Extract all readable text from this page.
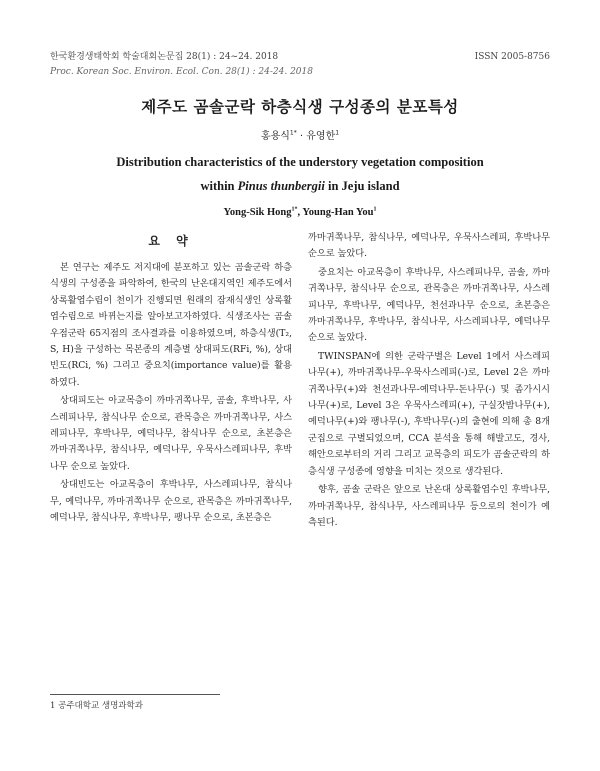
한국환경생태학회 학술대회논문집 28(1) : 24~24. 2018	ISSN 2005-8756
Proc. Korean Soc. Environ. Ecol. Con. 28(1) : 24-24. 2018
제주도 곰솔군락 하층식생 구성종의 분포특성
홍용식$^{1*}$ · 유영한$^1$
Distribution characteristics of the understory vegetation composition
within Pinus thunbergii in Jeju island
Yong-Sik Hong$^{1*}$, Young-Han You$^1$
요 약

본 연구는 제주도 저지대에 분포하고 있는 곰솔군락 하층식생의 구성종을 파악하여, 한국의 난온대지역인 제주도에서 상록활엽수림이 천이가 진행되면 원래의 잠재식생인 상록활엽수림으로 바뀌는지를 알아보고자하였다. 식생조사는 곰솔우점군락 65지점의 조사결과를 이용하였으며, 하층식생(T₂, S, H)을 구성하는 목본종의 계층별 상대피도(RFi, %), 상대빈도(RCi, %) 그리고 중요치(importance value)를 활용하였다.

상대피도는 아교목층이 까마귀쪽나무, 곰솔, 후박나무, 사스레피나무, 참식나무 순으로, 관목층은 까마귀쪽나무, 사스레피나무, 후박나무, 예덕나무, 참식나무 순으로, 초본층은 까마귀쪽나무, 참식나무, 예덕나무, 우묵사스레피나무, 후박나무 순으로 높았다.

상대빈도는 아교목층이 후박나무, 사스레피나무, 참식나무, 예덕나무, 까마귀쪽나무 순으로, 관목층은 까마귀쪽나무, 예덕나무, 참식나무, 후박나무, 팽나무 순으로, 초본층은

까마귀쪽나무, 참식나무, 예덕나무, 우묵사스레피, 후박나무 순으로 높았다.

중요치는 아교목층이 후박나무, 사스레피나무, 곰솔, 까마귀쪽나무, 참식나무 순으로, 관목층은 까마귀쪽나무, 사스레피나무, 후박나무, 예덕나무, 천선과나무 순으로, 초본층은 까마귀쪽나무, 후박나무, 참식나무, 사스레피나무, 예덕나무 순으로 높았다.

TWINSPAN에 의한 군락구별은 Level 1에서 사스레피나무(+), 까마귀쪽나무-우묵사스레피(-)로, Level 2은 까마귀쪽나무(+)와 천선과나무-예덕나무-돈나무(-) 및 좀가시시나무(+)로, Level 3은 우묵사스레피(+), 구실잣밤나무(+), 예덕나무(+)와 팽나무(-), 후박나무(-)의 출현에 의해 총 8개 군집으로 구별되었으며, CCA 분석을 통해 해발고도, 경사, 해안으로부터의 거리 그리고 교목층의 피도가 곰솔군락의 하층식생 구성종에 영향을 미치는 것으로 생각된다.

향후, 곰솔 군락은 앞으로 난온대 상록활엽수인 후박나무, 까마귀쪽나무, 참식나무, 사스레피나무 등으로의 천이가 예측된다.

1 공주대학교 생명과학과
